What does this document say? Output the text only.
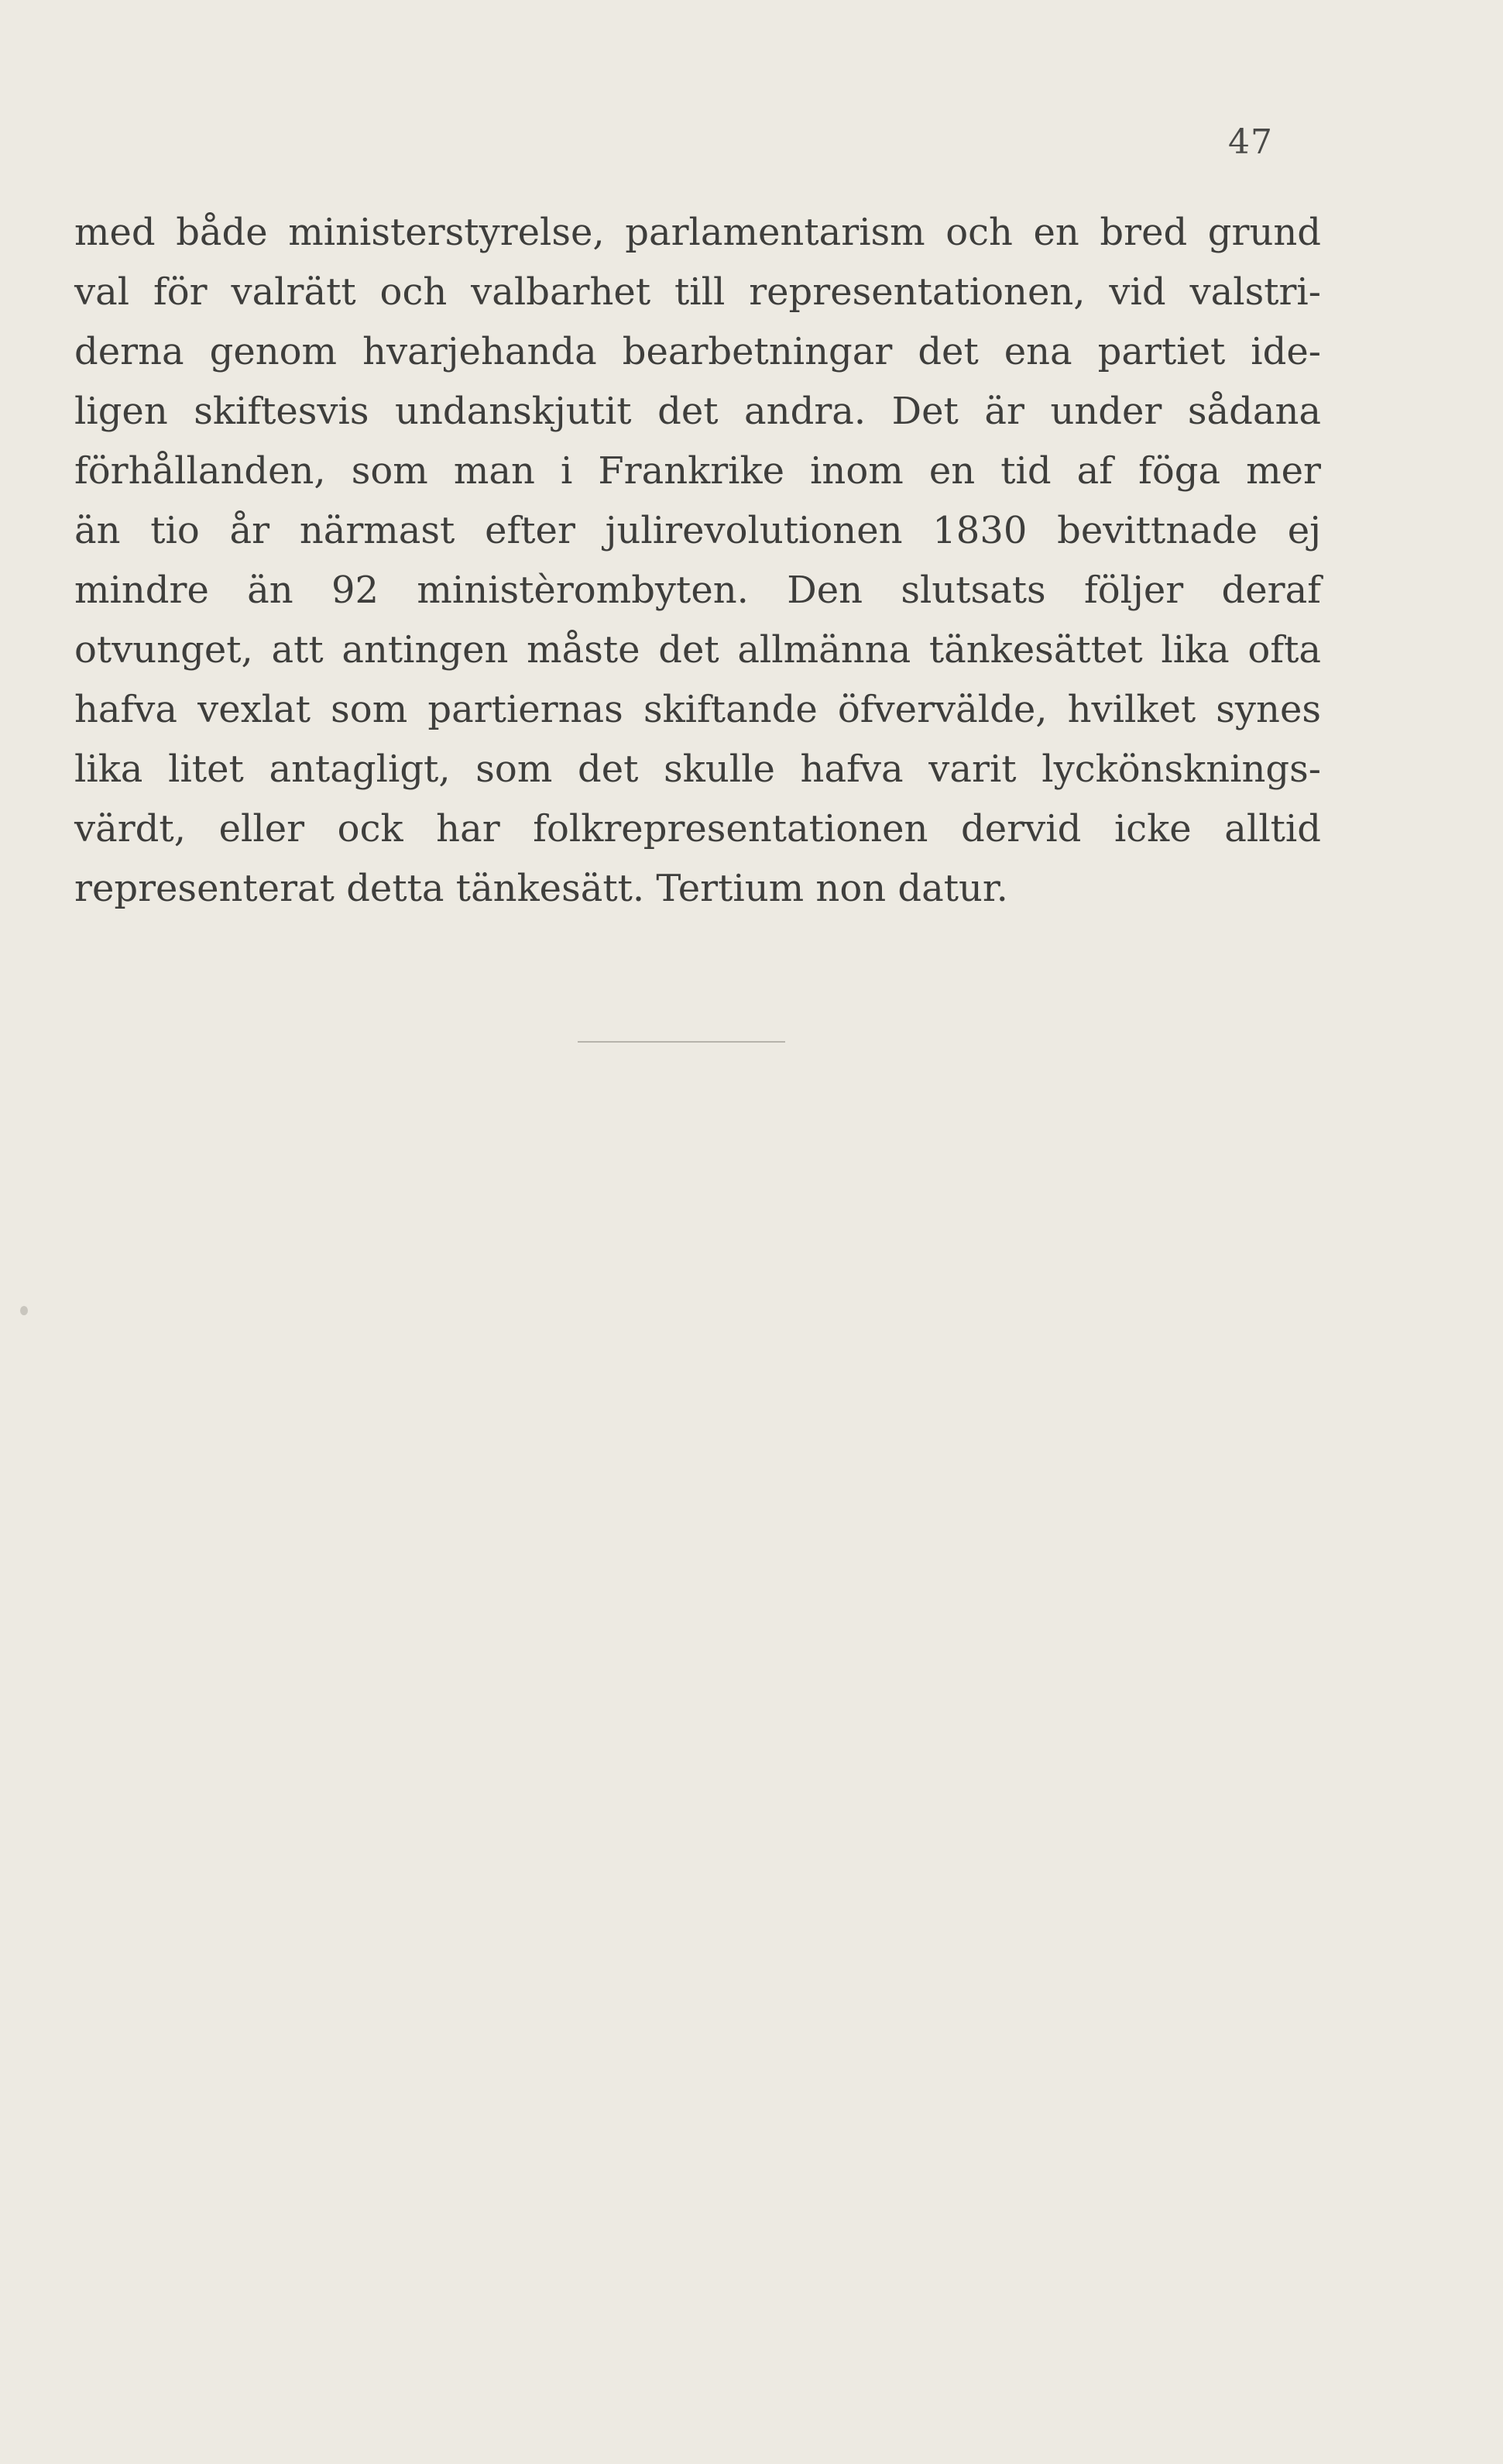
47
med både ministerstyrelse, parlamentarism och en bred grund
val för valrätt och valbarhet till representationen, vid valstri-
derna genom hvarjehanda bearbetningar det ena partiet ide-
ligen skiftesvis undanskjutit det andra. Det är under sådana
förhållanden, som man i Frankrike inom en tid af föga mer
än tio år närmast efter julirevolutionen 1830 bevittnade ej
mindre än 92 ministèrombyten. Den slutsats följer deraf
otvunget, att antingen måste det allmänna tänkesättet lika ofta
hafva vexlat som partiernas skiftande öfvervälde, hvilket synes
lika litet antagligt, som det skulle hafva varit lyckönsknings-
värdt, eller ock har folkrepresentationen dervid icke alltid
representerat detta tänkesätt. Tertium non datur.
